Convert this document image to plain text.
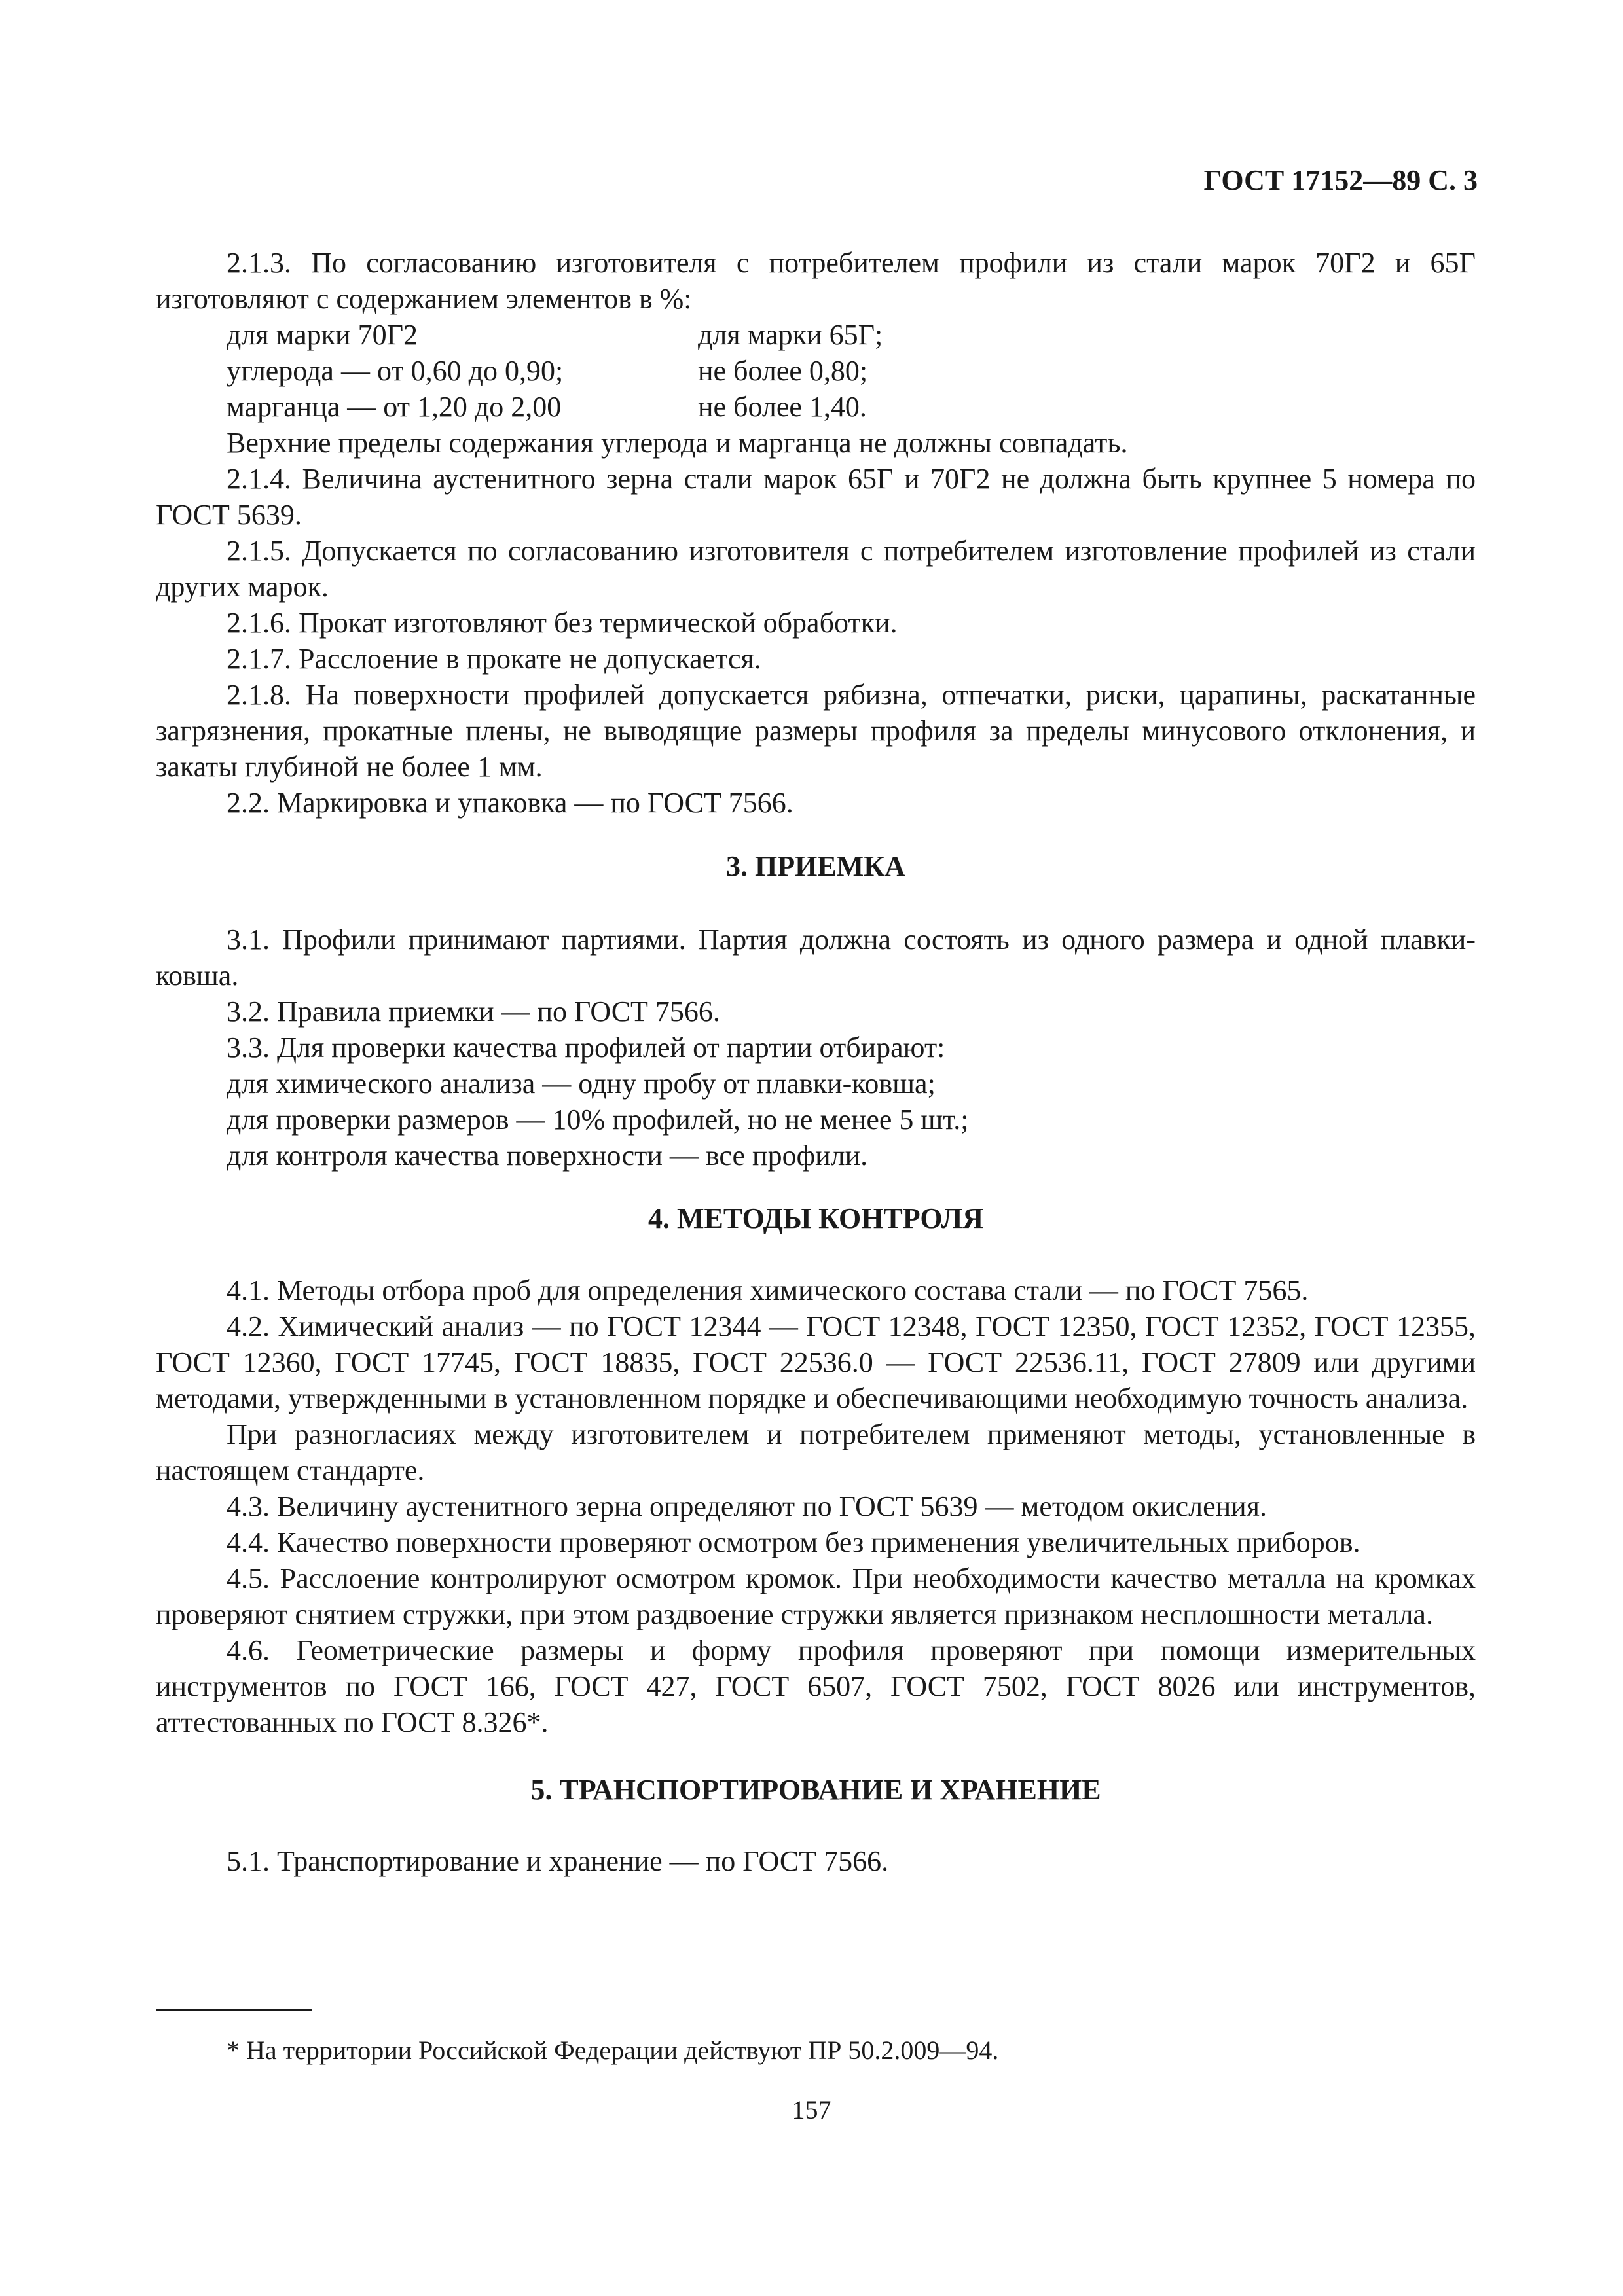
ГОСТ 17152—89 С. 3

2.1.3. По согласованию изготовителя с потребителем профили из стали марок 70Г2 и 65Г изготовляют с содержанием элементов в %:

для марки 70Г2	для марки 65Г;
углерода — от 0,60 до 0,90;	не более 0,80;
марганца — от 1,20 до 2,00	не более 1,40.

Верхние пределы содержания углерода и марганца не должны совпадать.

2.1.4. Величина аустенитного зерна стали марок 65Г и 70Г2 не должна быть крупнее 5 номера по ГОСТ 5639.

2.1.5. Допускается по согласованию изготовителя с потребителем изготовление профилей из стали других марок.

2.1.6. Прокат изготовляют без термической обработки.

2.1.7. Расслоение в прокате не допускается.

2.1.8. На поверхности профилей допускается рябизна, отпечатки, риски, царапины, раскатанные загрязнения, прокатные плены, не выводящие размеры профиля за пределы минусового отклонения, и закаты глубиной не более 1 мм.

2.2. Маркировка и упаковка — по ГОСТ 7566.

3. ПРИЕМКА

3.1. Профили принимают партиями. Партия должна состоять из одного размера и одной плавки-ковша.

3.2. Правила приемки — по ГОСТ 7566.

3.3. Для проверки качества профилей от партии отбирают:

для химического анализа — одну пробу от плавки-ковша;

для проверки размеров — 10% профилей, но не менее 5 шт.;

для контроля качества поверхности — все профили.

4. МЕТОДЫ КОНТРОЛЯ

4.1. Методы отбора проб для определения химического состава стали — по ГОСТ 7565.

4.2. Химический анализ — по ГОСТ 12344 — ГОСТ 12348, ГОСТ 12350, ГОСТ 12352, ГОСТ 12355, ГОСТ 12360, ГОСТ 17745, ГОСТ 18835, ГОСТ 22536.0 — ГОСТ 22536.11, ГОСТ 27809 или другими методами, утвержденными в установленном порядке и обеспечивающими необходимую точность анализа.

При разногласиях между изготовителем и потребителем применяют методы, установленные в настоящем стандарте.

4.3. Величину аустенитного зерна определяют по ГОСТ 5639 — методом окисления.

4.4. Качество поверхности проверяют осмотром без применения увеличительных приборов.

4.5. Расслоение контролируют осмотром кромок. При необходимости качество металла на кромках проверяют снятием стружки, при этом раздвоение стружки является признаком несплошности металла.

4.6. Геометрические размеры и форму профиля проверяют при помощи измерительных инструментов по ГОСТ 166, ГОСТ 427, ГОСТ 6507, ГОСТ 7502, ГОСТ 8026 или инструментов, аттестованных по ГОСТ 8.326*.

5. ТРАНСПОРТИРОВАНИЕ И ХРАНЕНИЕ

5.1. Транспортирование и хранение — по ГОСТ 7566.

* На территории Российской Федерации действуют ПР 50.2.009—94.
157
